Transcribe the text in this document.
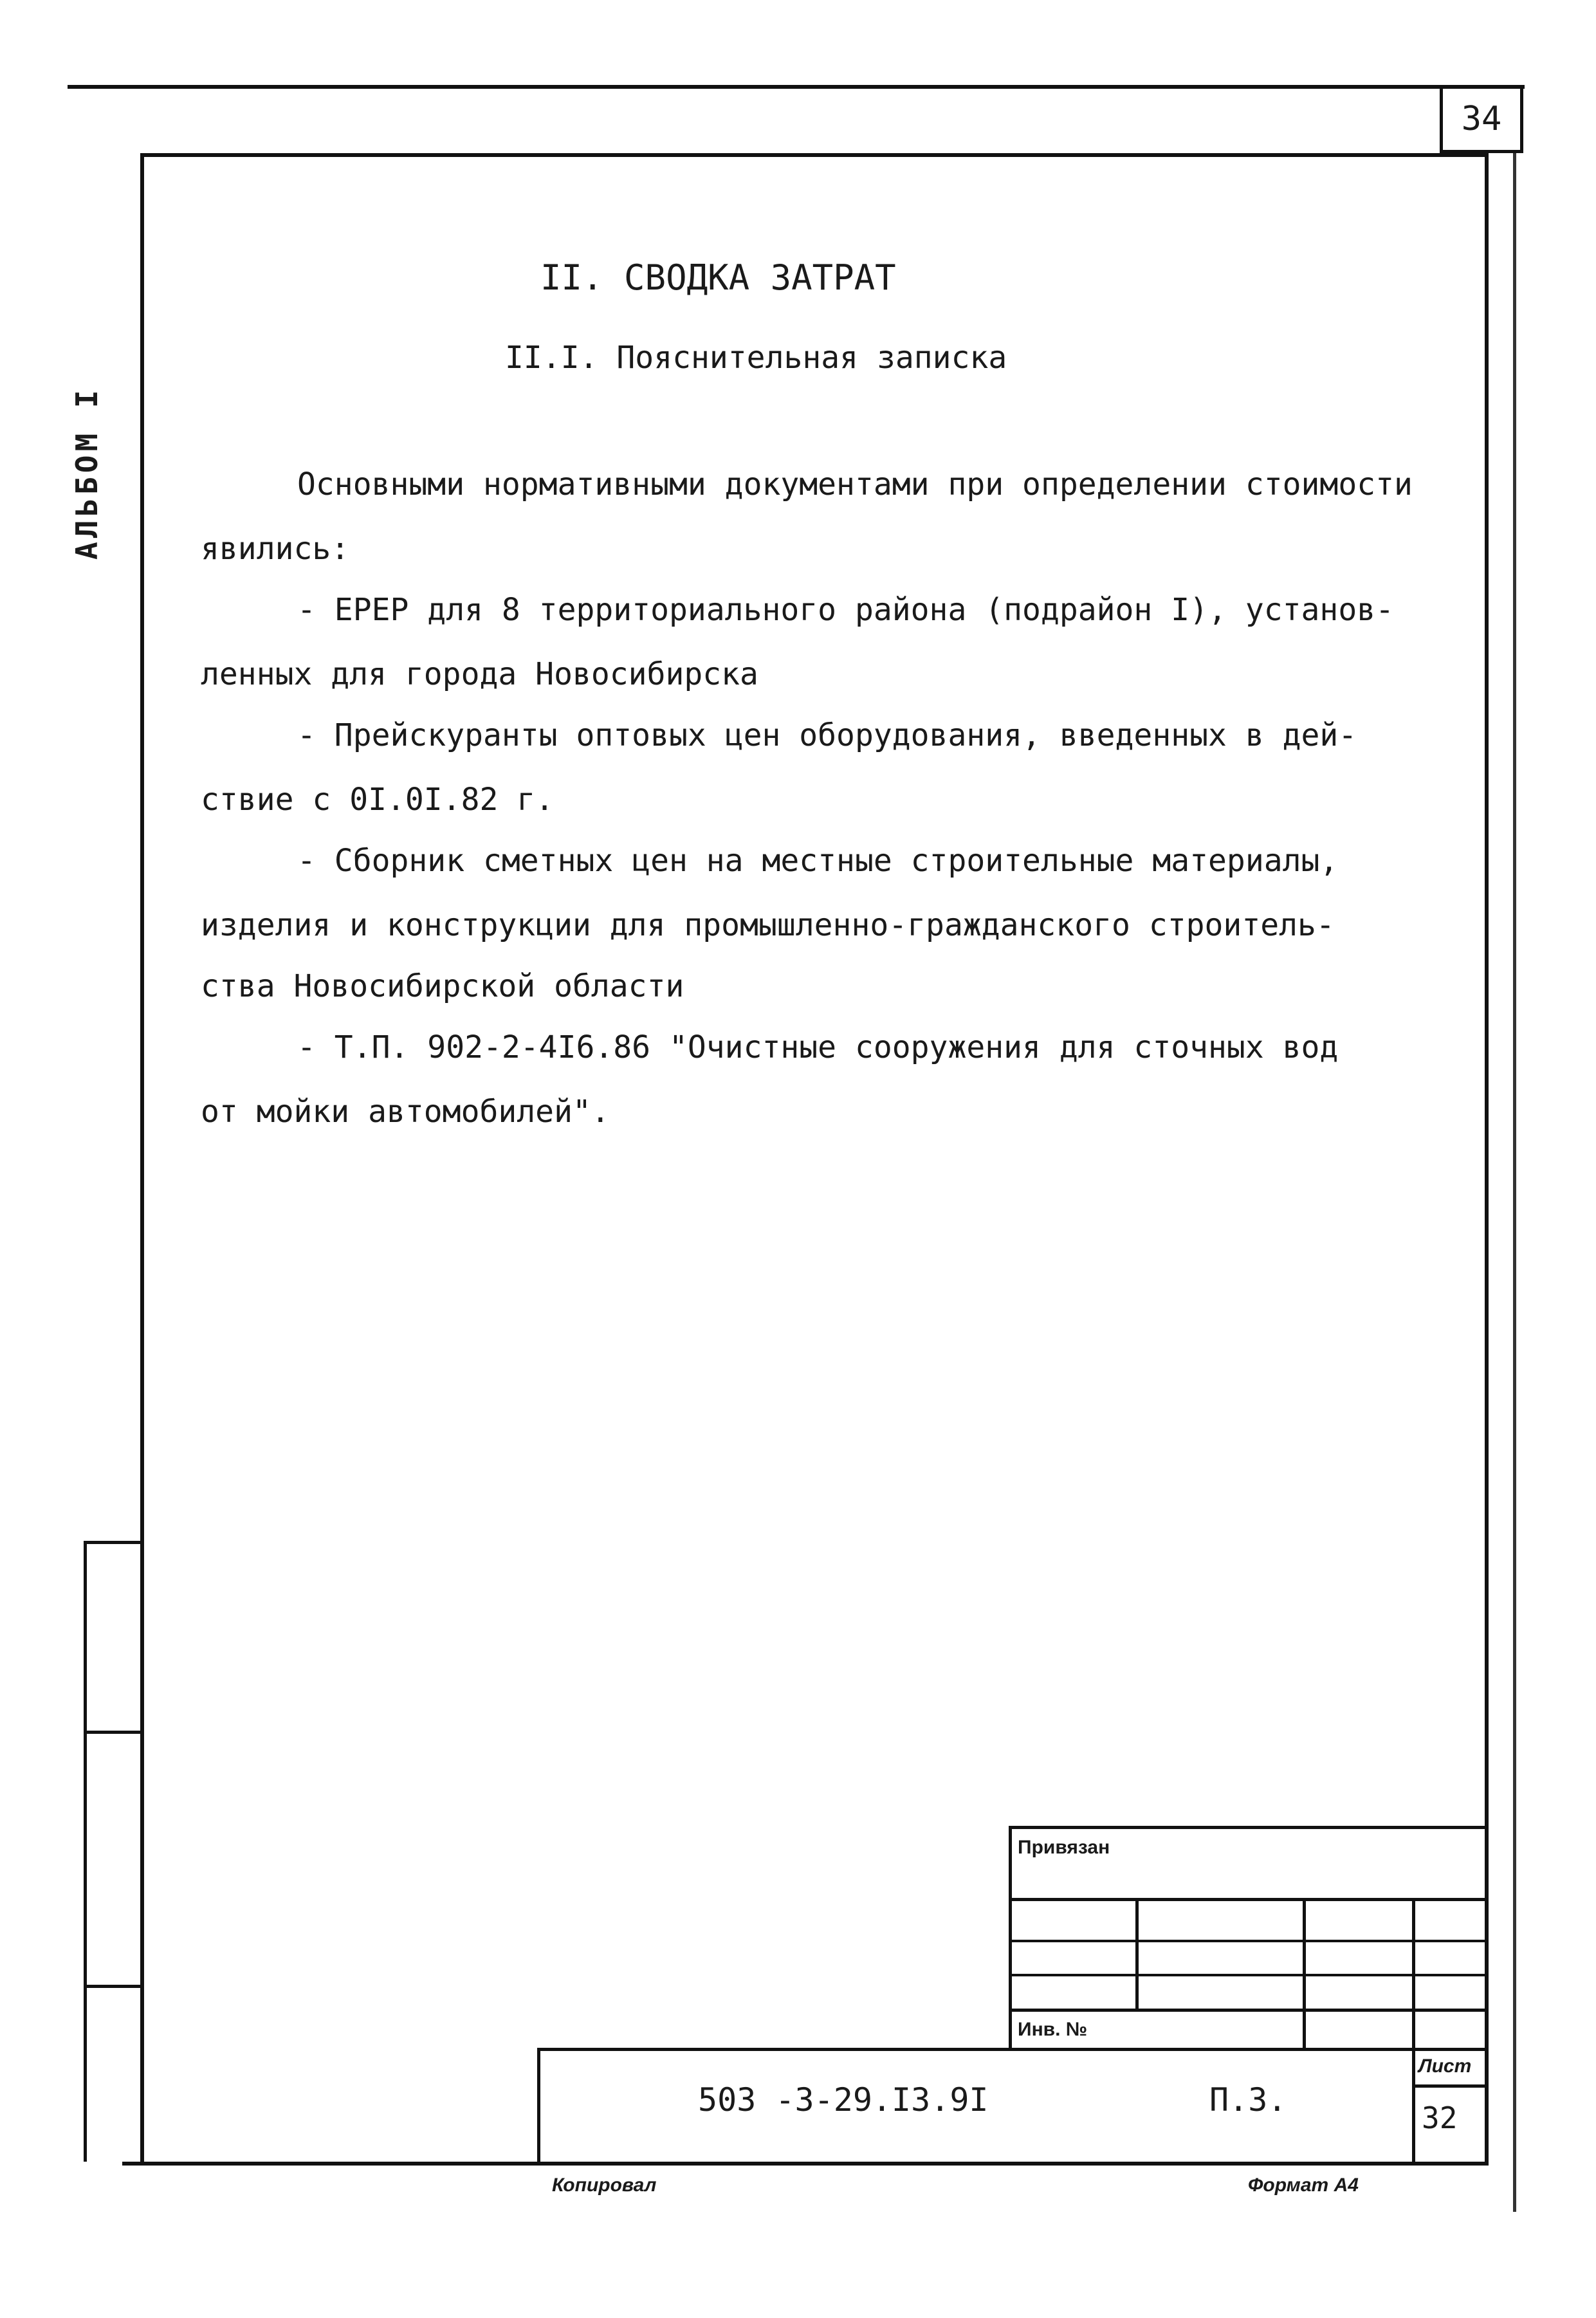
34
АЛЬБОМ I
II. СВОДКА ЗАТРАТ
II.I. Пояснительная записка
Основными нормативными документами при определении стоимости
явились:
- ЕРЕР для 8 территориального района (подрайон I), установ-
ленных для города Новосибирска
- Прейскуранты оптовых цен оборудования, введенных в дей-
ствие с 0I.0I.82 г.
- Сборник сметных цен на местные строительные материалы,
изделия и конструкции для промышленно-гражданского строитель-
ства Новосибирской области
- Т.П. 902-2-4I6.86 "Очистные сооружения для сточных вод
от мойки автомобилей".
Привязан
Инв. №
503 -3-29.I3.9I	П.3.
Лист
32
Копировал	Формат А4
